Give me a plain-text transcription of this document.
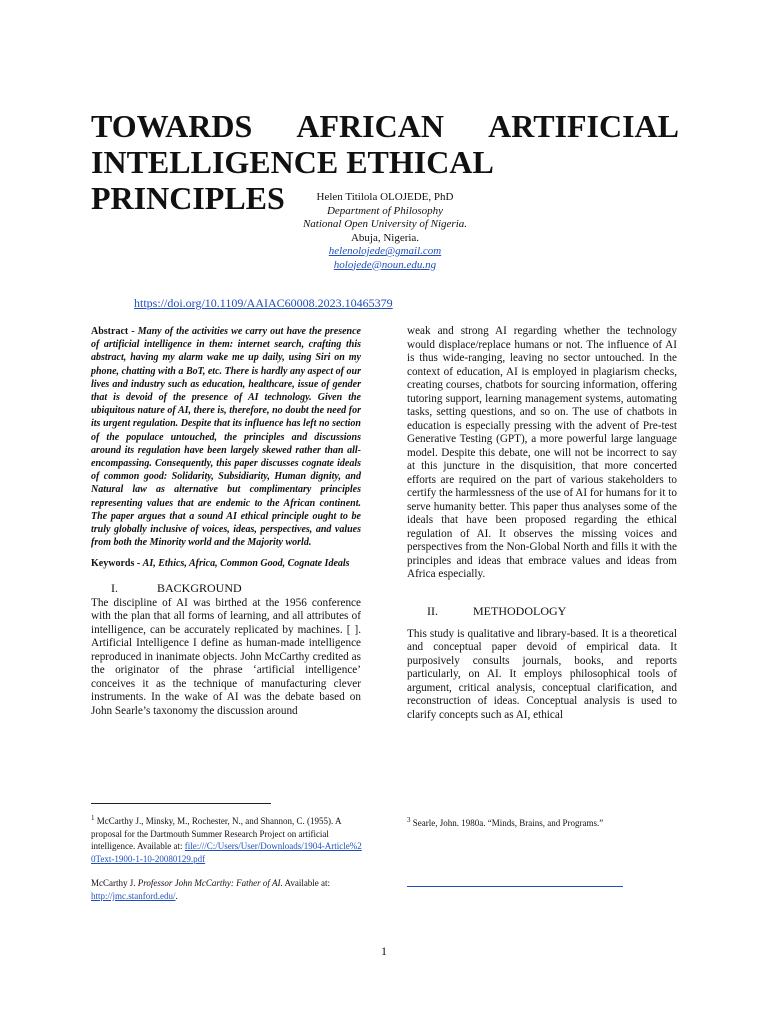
TOWARDS AFRICAN ARTIFICIAL
INTELLIGENCE ETHICAL PRINCIPLES	Helen Titilola OLOJEDE, PhD
Department of Philosophy
National Open University of Nigeria.
Abuja, Nigeria.
helenolojede@gmail.com
holojede@noun.edu.ng
https://doi.org/10.1109/AAIAC60008.2023.10465379

Abstract - Many of the activities we carry out have the presence of artificial intelligence in them: internet search, crafting this abstract, having my alarm wake me up daily, using Siri on my phone, chatting with a BoT, etc. There is hardly any aspect of our lives and industry such as education, healthcare, issue of gender that is devoid of the presence of AI technology. Given the ubiquitous nature of AI, there is, therefore, no doubt the need for its urgent regulation. Despite that its influence has left no section of the populace untouched, the principles and discussions around its regulation have been largely skewed rather than all-encompassing. Consequently, this paper discusses cognate ideals of common good: Solidarity, Subsidiarity, Human dignity, and Natural law as alternative but complimentary principles representing values that are endemic to the African continent. The paper argues that a sound AI ethical principle ought to be truly globally inclusive of voices, ideas, perspectives, and values from both the Minority world and the Majority world.

Keywords - AI, Ethics, Africa, Common Good, Cognate Ideals

I.	BACKGROUND

The discipline of AI was birthed at the 1956 conference with the plan that all forms of learning, and all attributes of intelligence, can be accurately replicated by machines. [ ]. Artificial Intelligence I define as human-made intelligence reproduced in inanimate objects. John McCarthy credited as the originator of the phrase ‘artificial intelligence’ conceives it as the technique of manufacturing clever instruments. In the wake of AI was the debate based on John Searle’s taxonomy the discussion around

weak and strong AI regarding whether the technology would displace/replace humans or not. The influence of AI is thus wide-ranging, leaving no sector untouched. In the context of education, AI is employed in plagiarism checks, creating courses, chatbots for sourcing information, offering tutoring support, learning management systems, automating tasks, setting questions, and so on. The use of chatbots in education is especially pressing with the advent of Pre-test Generative Testing (GPT), a more powerful large language model. Despite this debate, one will not be incorrect to say at this juncture in the disquisition, that more concerted efforts are required on the part of various stakeholders to certify the harmlessness of the use of AI for humans for it to serve humanity better. This paper thus analyses some of the ideals that have been proposed regarding the ethical regulation of AI. It observes the missing voices and perspectives from the Non-Global North and fills it with the principles and ideas that embrace values and ideas from Africa especially.

II.	METHODOLOGY

This study is qualitative and library-based. It is a theoretical and conceptual paper devoid of empirical data. It purposively consults journals, books, and reports particularly, on AI. It employs philosophical tools of argument, critical analysis, conceptual clarification, and reconstruction of ideas. Conceptual analysis is used to clarify concepts such as AI, ethical

$^1$ McCarthy J., Minsky, M., Rochester, N., and Shannon, C. (1955). A proposal for the Dartmouth Summer Research Project on artificial intelligence. Available at: file:///C:/Users/User/Downloads/1904-Article%20Text-1900-1-10-20080129.pdf
McCarthy J. Professor John McCarthy: Father of AI. Available at: http://jmc.stanford.edu/.
$^3$ Searle, John. 1980a. “Minds, Brains, and Programs.”
1
